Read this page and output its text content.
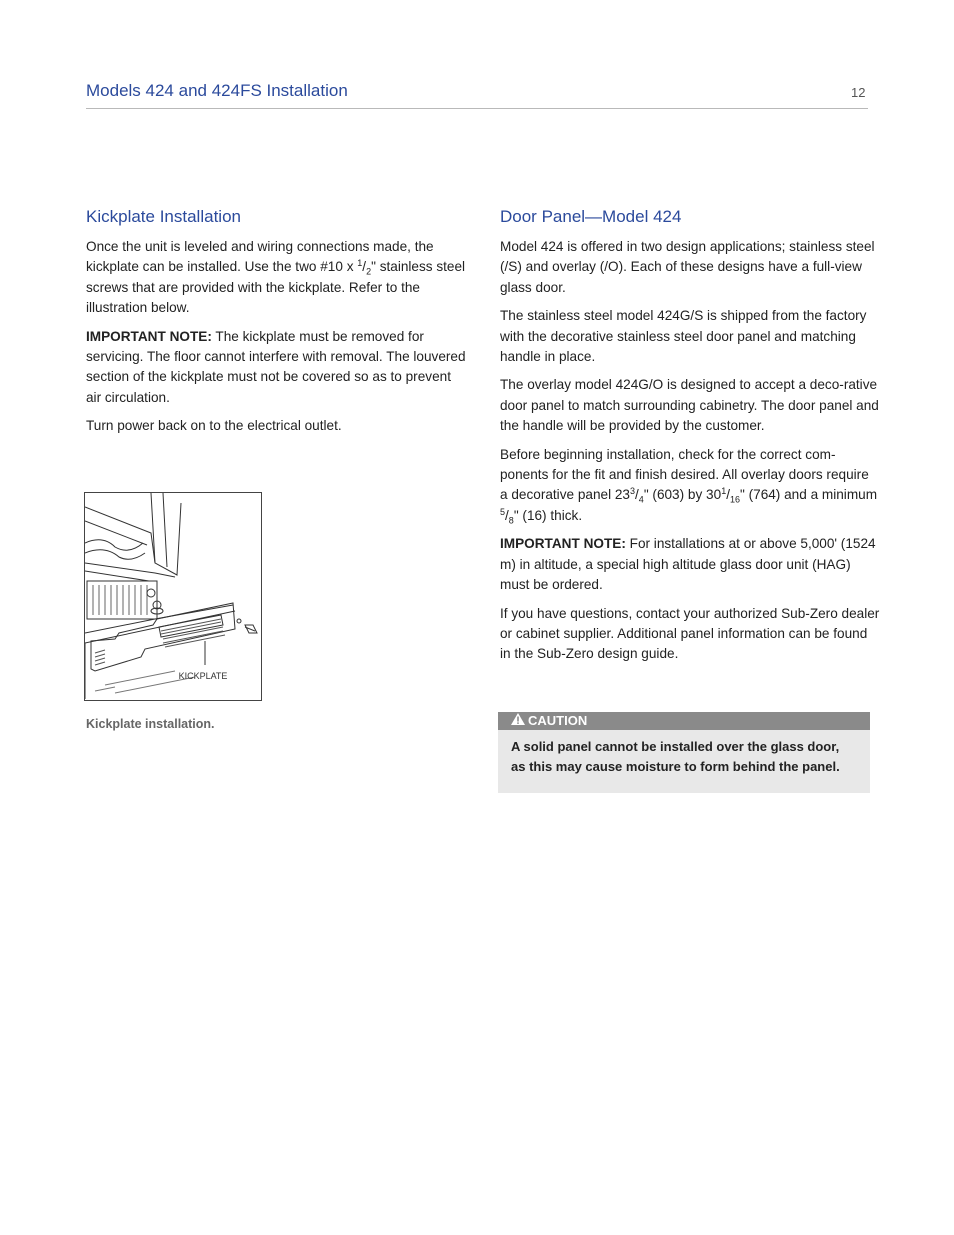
Models 424 and 424FS Installation	12
Kickplate Installation

Once the unit is leveled and wiring connections made, the kickplate can be installed. Use the two #10 x $^1/_2$" stainless steel screws that are provided with the kickplate. Refer to the illustration below.

IMPORTANT NOTE: The kickplate must be removed for servicing. The floor cannot interfere with removal. The louvered section of the kickplate must not be covered so as to prevent air circulation.

Turn power back on to the electrical outlet.

KICKPLATE
Kickplate installation.
Door Panel—Model 424

Model 424 is offered in two design applications; stainless steel (/S) and overlay (/O). Each of these designs have a full-view glass door.

The stainless steel model 424G/S is shipped from the factory with the decorative stainless steel door panel and matching handle in place.

The overlay model 424G/O is designed to accept a deco-rative door panel to match surrounding cabinetry. The door panel and the handle will be provided by the customer.

Before beginning installation, check for the correct com-ponents for the fit and finish desired. All overlay doors require a decorative panel $23^3/_4$" (603) by $30^1/_{16}$" (764) and a minimum $^5/_8$" (16) thick.

IMPORTANT NOTE: For installations at or above 5,000' (1524 m) in altitude, a special high altitude glass door unit (HAG) must be ordered.

If you have questions, contact your authorized Sub-Zero dealer or cabinet supplier. Additional panel information can be found in the Sub-Zero design guide.

CAUTION
A solid panel cannot be installed over the glass door, as this may cause moisture to form behind the panel.
